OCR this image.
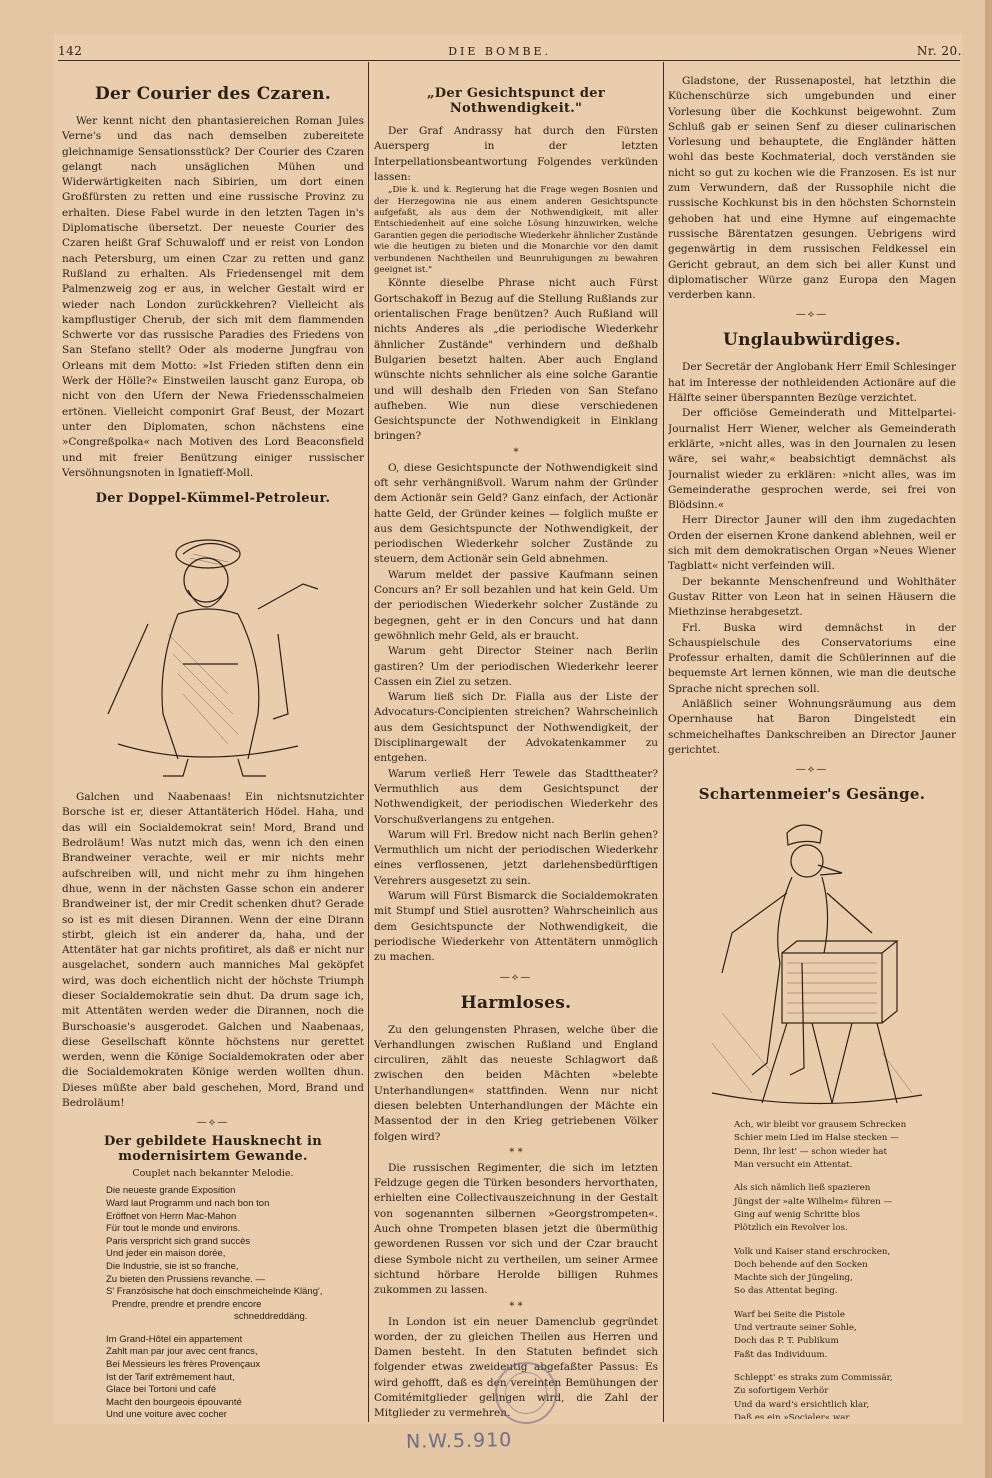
142	DIE BOMBE.	Nr. 20.
Der Courier des Czaren.

Wer kennt nicht den phantasiereichen Roman Jules Verne's und das nach demselben zubereitete gleichnamige Sensationsstück? Der Courier des Czaren gelangt nach unsäglichen Mühen und Widerwärtigkeiten nach Sibirien, um dort einen Großfürsten zu retten und eine russische Provinz zu erhalten. Diese Fabel wurde in den letzten Tagen in's Diplomatische übersetzt. Der neueste Courier des Czaren heißt Graf Schuwaloff und er reist von London nach Petersburg, um einen Czar zu retten und ganz Rußland zu erhalten. Als Friedensengel mit dem Palmenzweig zog er aus, in welcher Gestalt wird er wieder nach London zurückkehren? Vielleicht als kampflustiger Cherub, der sich mit dem flammenden Schwerte vor das russische Paradies des Friedens von San Stefano stellt? Oder als moderne Jungfrau von Orleans mit dem Motto: »Ist Frieden stiften denn ein Werk der Hölle?« Einstweilen lauscht ganz Europa, ob nicht von den Ufern der Newa Friedensschalmeien ertönen. Vielleicht componirt Graf Beust, der Mozart unter den Diplomaten, schon nächstens eine »Congreßpolka« nach Motiven des Lord Beaconsfield und mit freier Benützung einiger russischer Versöhnungsnoten in Ignatieff-Moll.

Der Doppel-Kümmel-Petroleur.

Galchen und Naabenaas! Ein nichtsnutzichter Borsche ist er, dieser Attantäterich Hödel. Haha, und das will ein Socialdemokrat sein! Mord, Brand und Bedroläum! Was nutzt mich das, wenn ich den einen Brandweiner verachte, weil er mir nichts mehr aufschreiben will, und nicht mehr zu ihm hingehen dhue, wenn in der nächsten Gasse schon ein anderer Brandweiner ist, der mir Credit schenken dhut? Gerade so ist es mit diesen Dirannen. Wenn der eine Dirann stirbt, gleich ist ein anderer da, haha, und der Attentäter hat gar nichts profitiret, als daß er nicht nur ausgelachet, sondern auch manniches Mal geköpfet wird, was doch eichentlich nicht der höchste Triumph dieser Socialdemokratie sein dhut. Da drum sage ich, mit Attentäten werden weder die Dirannen, noch die Burschoasie's ausgerodet. Galchen und Naabenaas, diese Gesellschaft könnte höchstens nur gerettet werden, wenn die Könige Socialdemokraten oder aber die Socialdemokraten Könige werden wollten dhun. Dieses müßte aber bald geschehen, Mord, Brand und Bedroläum!

—⟡—
Der gebildete Hausknecht in modernisirtem Gewande.
Couplet nach bekannter Melodie.
Die neueste grande Exposition
Ward laut Programm und nach bon ton
Eröffnet von Herrn Mac-Mahon
Für tout le monde und environs.
Paris verspricht sich grand succès
Und jeder ein maison dorée,
Die Industrie, sie ist so franche,
Zu bieten den Prussiens revanche. —
S' Französische hat doch einschmeichelnde Kläng',
Prendre, prendre et prendre encore
schneddreddäng.
Im Grand-Hôtel ein appartement
Zahlt man par jour avec cent francs,
Bei Messieurs les frères Provençaux
Ist der Tarif extrêmement haut,
Glace bei Tortoni und café
Macht den bourgeois épouvanté
Und une voiture avec cocher
„Der Gesichtspunct der Nothwendigkeit."

Der Graf Andrassy hat durch den Fürsten Auersperg in der letzten Interpellationsbeantwortung Folgendes verkünden lassen:

„Die k. und k. Regierung hat die Frage wegen Bosnien und der Herzegowina nie aus einem anderen Gesichtspuncte aufgefaßt, als aus dem der Nothwendigkeit, mit aller Entschiedenheit auf eine solche Lösung hinzuwirken, welche Garantien gegen die periodische Wiederkehr ähnlicher Zustände wie die heutigen zu bieten und die Monarchie vor den damit verbundenen Nachtheilen und Beunruhigungen zu bewahren geeignet ist."

Könnte dieselbe Phrase nicht auch Fürst Gortschakoff in Bezug auf die Stellung Rußlands zur orientalischen Frage benützen? Auch Rußland will nichts Anderes als „die periodische Wiederkehr ähnlicher Zustände" verhindern und deßhalb Bulgarien besetzt halten. Aber auch England wünschte nichts sehnlicher als eine solche Garantie und will deshalb den Frieden von San Stefano aufheben. Wie nun diese verschiedenen Gesichtspuncte der Nothwendigkeit in Einklang bringen?

*

O, diese Gesichtspuncte der Nothwendigkeit sind oft sehr verhängnißvoll. Warum nahm der Gründer dem Actionär sein Geld? Ganz einfach, der Actionär hatte Geld, der Gründer keines — folglich mußte er aus dem Gesichtspuncte der Nothwendigkeit, der periodischen Wiederkehr solcher Zustände zu steuern, dem Actionär sein Geld abnehmen.

Warum meldet der passive Kaufmann seinen Concurs an? Er soll bezahlen und hat kein Geld. Um der periodischen Wiederkehr solcher Zustände zu begegnen, geht er in den Concurs und hat dann gewöhnlich mehr Geld, als er braucht.

Warum geht Director Steiner nach Berlin gastiren? Um der periodischen Wiederkehr leerer Cassen ein Ziel zu setzen.

Warum ließ sich Dr. Fialla aus der Liste der Advocaturs-Concipienten streichen? Wahrscheinlich aus dem Gesichtspunct der Nothwendigkeit, der Disciplinargewalt der Advokatenkammer zu entgehen.

Warum verließ Herr Tewele das Stadttheater? Vermuthlich aus dem Gesichtspunct der Nothwendigkeit, der periodischen Wiederkehr des Vorschußverlangens zu entgehen.

Warum will Frl. Bredow nicht nach Berlin gehen? Vermuthlich um nicht der periodischen Wiederkehr eines verflossenen, jetzt darlehensbedürftigen Verehrers ausgesetzt zu sein.

Warum will Fürst Bismarck die Socialdemokraten mit Stumpf und Stiel ausrotten? Wahrscheinlich aus dem Gesichtspuncte der Nothwendigkeit, die periodische Wiederkehr von Attentätern unmöglich zu machen.

—⟡—
Harmloses.

Zu den gelungensten Phrasen, welche über die Verhandlungen zwischen Rußland und England circuliren, zählt das neueste Schlagwort daß zwischen den beiden Mächten »belebte Unterhandlungen« stattfinden. Wenn nur nicht diesen belebten Unterhandlungen der Mächte ein Massentod der in den Krieg getriebenen Völker folgen wird?

* *

Die russischen Regimenter, die sich im letzten Feldzuge gegen die Türken besonders hervorthaten, erhielten eine Collectivauszeichnung in der Gestalt von sogenannten silbernen »Georgstrompeten«. Auch ohne Trompeten blasen jetzt die übermüthig gewordenen Russen vor sich und der Czar braucht diese Symbole nicht zu vertheilen, um seiner Armee sichtund hörbare Herolde billigen Ruhmes zukommen zu lassen.

* *

In London ist ein neuer Damenclub gegründet worden, der zu gleichen Theilen aus Herren und Damen besteht. In den Statuten befindet sich folgender etwas zweideutig abgefaßter Passus: Es wird gehofft, daß es den vereinten Bemühungen der Comitémitglieder gelingen wird, die Zahl der Mitglieder zu vermehren.

Gladstone, der Russenapostel, hat letzthin die Küchenschürze sich umgebunden und einer Vorlesung über die Kochkunst beigewohnt. Zum Schluß gab er seinen Senf zu dieser culinarischen Vorlesung und behauptete, die Engländer hätten wohl das beste Kochmaterial, doch verständen sie nicht so gut zu kochen wie die Franzosen. Es ist nur zum Verwundern, daß der Russophile nicht die russische Kochkunst bis in den höchsten Schornstein gehoben hat und eine Hymne auf eingemachte russische Bärentatzen gesungen. Uebrigens wird gegenwärtig in dem russischen Feldkessel ein Gericht gebraut, an dem sich bei aller Kunst und diplomatischer Würze ganz Europa den Magen verderben kann.

—⟡—
Unglaubwürdiges.

Der Secretär der Anglobank Herr Emil Schlesinger hat im Interesse der nothleidenden Actionäre auf die Hälfte seiner überspannten Bezüge verzichtet.

Der officiöse Gemeinderath und Mittelpartei-Journalist Herr Wiener, welcher als Gemeinderath erklärte, »nicht alles, was in den Journalen zu lesen wäre, sei wahr,« beabsichtigt demnächst als Journalist wieder zu erklären: »nicht alles, was im Gemeinderathe gesprochen werde, sei frei von Blödsinn.«

Herr Director Jauner will den ihm zugedachten Orden der eisernen Krone dankend ablehnen, weil er sich mit dem demokratischen Organ »Neues Wiener Tagblatt« nicht verfeinden will.

Der bekannte Menschenfreund und Wohlthäter Gustav Ritter von Leon hat in seinen Häusern die Miethzinse herabgesetzt.

Frl. Buska wird demnächst in der Schauspielschule des Conservatoriums eine Professur erhalten, damit die Schülerinnen auf die bequemste Art lernen können, wie man die deutsche Sprache nicht sprechen soll.

Anläßlich seiner Wohnungsräumung aus dem Opernhause hat Baron Dingelstedt ein schmeichelhaftes Dankschreiben an Director Jauner gerichtet.

—⟡—
Schartenmeier's Gesänge.
Ach, wir bleibt vor grausem Schrecken
Schier mein Lied im Halse stecken —
Denn, Ihr lest' — schon wieder hat
Man versucht ein Attentat.
Als sich nämlich ließ spazieren
Jüngst der »alte Wilhelm« führen —
Ging auf wenig Schritte blos
Plötzlich ein Revolver los.
Volk und Kaiser stand erschrocken,
Doch behende auf den Socken
Machte sich der Jüngeling,
So das Attentat beging.
Warf bei Seite die Pistole
Und vertraute seiner Sohle,
Doch das P. T. Publikum
Faßt das Individuum.
Schleppt' es straks zum Commissär,
Zu sofortigem Verhör
Und da ward's ersichtlich klar,
Daß es ein »Socialer« war.
N.W.5.910
